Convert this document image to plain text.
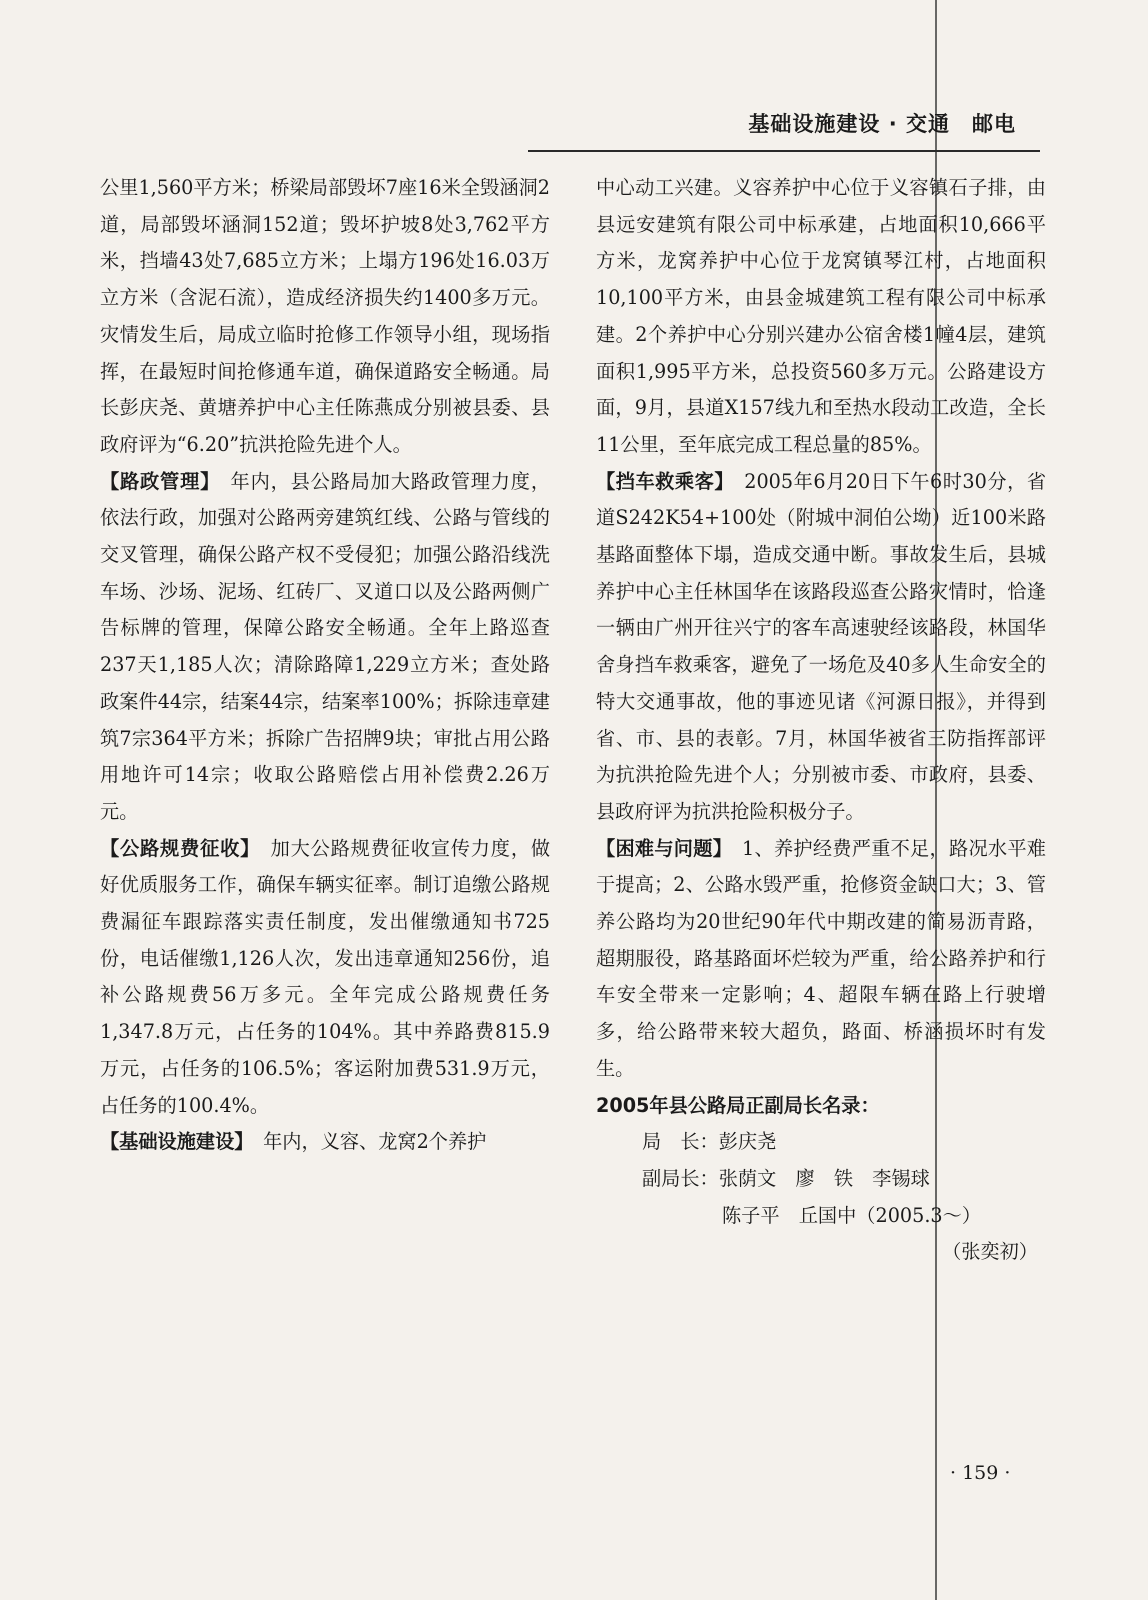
基础设施建设 · 交通　邮电

公里1,560平方米；桥梁局部毁坏7座16米全毁涵洞2道，局部毁坏涵洞152道；毁坏护坡8处3,762平方米，挡墙43处7,685立方米；上塌方196处16.03万立方米（含泥石流），造成经济损失约1400多万元。灾情发生后，局成立临时抢修工作领导小组，现场指挥，在最短时间抢修通车道，确保道路安全畅通。局长彭庆尧、黄塘养护中心主任陈燕成分别被县委、县政府评为“6.20”抗洪抢险先进个人。

【路政管理】　 年内，县公路局加大路政管理力度，依法行政，加强对公路两旁建筑红线、公路与管线的交叉管理，确保公路产权不受侵犯；加强公路沿线洗车场、沙场、泥场、红砖厂、叉道口以及公路两侧广告标牌的管理，保障公路安全畅通。全年上路巡查237天1,185人次；清除路障1,229立方米；查处路政案件44宗，结案44宗，结案率100%；拆除违章建筑7宗364平方米；拆除广告招牌9块；审批占用公路用地许可14宗；收取公路赔偿占用补偿费2.26万元。

【公路规费征收】　 加大公路规费征收宣传力度，做好优质服务工作，确保车辆实征率。制订追缴公路规费漏征车跟踪落实责任制度，发出催缴通知书725份，电话催缴1,126人次，发出违章通知256份，追补公路规费56万多元。全年完成公路规费任务1,347.8万元，占任务的104%。其中养路费815.9万元，占任务的106.5%；客运附加费531.9万元，占任务的100.4%。

【基础设施建设】　 年内，义容、龙窝2个养护

中心动工兴建。义容养护中心位于义容镇石子排，由县远安建筑有限公司中标承建，占地面积10,666平方米，龙窝养护中心位于龙窝镇琴江村，占地面积10,100平方米，由县金城建筑工程有限公司中标承建。2个养护中心分别兴建办公宿舍楼1幢4层，建筑面积1,995平方米，总投资560多万元。公路建设方面，9月，县道X157线九和至热水段动工改造，全长11公里，至年底完成工程总量的85%。

【挡车救乘客】　 2005年6月20日下午6时30分，省道S242K54+100处（附城中洞伯公坳）近100米路基路面整体下塌，造成交通中断。事故发生后，县城养护中心主任林国华在该路段巡查公路灾情时，恰逢一辆由广州开往兴宁的客车高速驶经该路段，林国华舍身挡车救乘客，避免了一场危及40多人生命安全的特大交通事故，他的事迹见诸《河源日报》，并得到省、市、县的表彰。7月，林国华被省三防指挥部评为抗洪抢险先进个人；分别被市委、市政府，县委、县政府评为抗洪抢险积极分子。

【困难与问题】　 1、养护经费严重不足，路况水平难于提高；2、公路水毁严重，抢修资金缺口大；3、管养公路均为20世纪90年代中期改建的简易沥青路，超期服役，路基路面坏烂较为严重，给公路养护和行车安全带来一定影响；4、超限车辆在路上行驶增多，给公路带来较大超负，路面、桥涵损坏时有发生。

2005年县公路局正副局长名录：
局　长：彭庆尧
副局长：张荫文　廖　铁　李锡球
陈子平　丘国中（2005.3～）
（张奕初）
· 159 ·
